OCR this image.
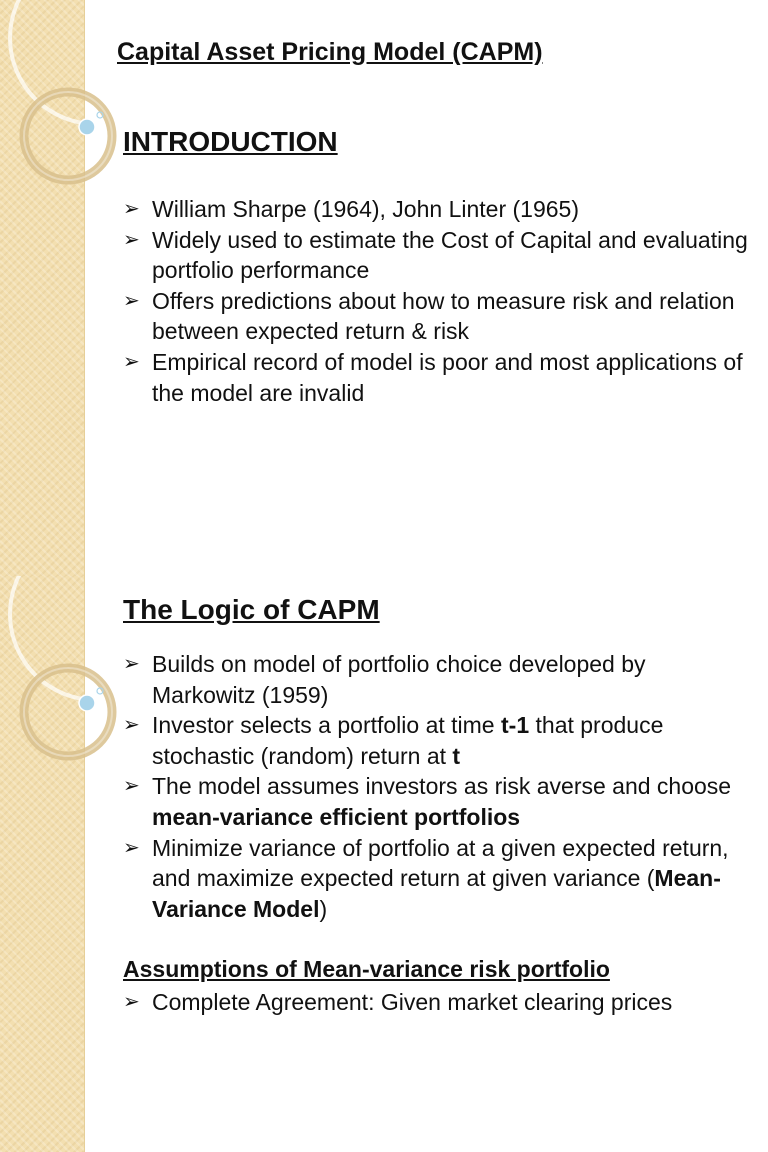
Capital Asset Pricing Model (CAPM)
INTRODUCTION
➢ William Sharpe (1964), John Linter (1965)
➢ Widely used to estimate the Cost of Capital and evaluating portfolio performance
➢ Offers predictions about how to measure risk and relation between expected return & risk
➢ Empirical record of model is poor and most applications of the model are invalid
The Logic of CAPM
➢ Builds on model of portfolio choice developed by Markowitz (1959)
➢ Investor selects a portfolio at time t-1 that produce stochastic (random) return at t
➢ The model assumes investors as risk averse and choose mean-variance efficient portfolios
➢ Minimize variance of portfolio at a given expected return, and maximize expected return at given variance (Mean-Variance Model)
Assumptions of Mean-variance risk portfolio
➢ Complete Agreement: Given market clearing prices
